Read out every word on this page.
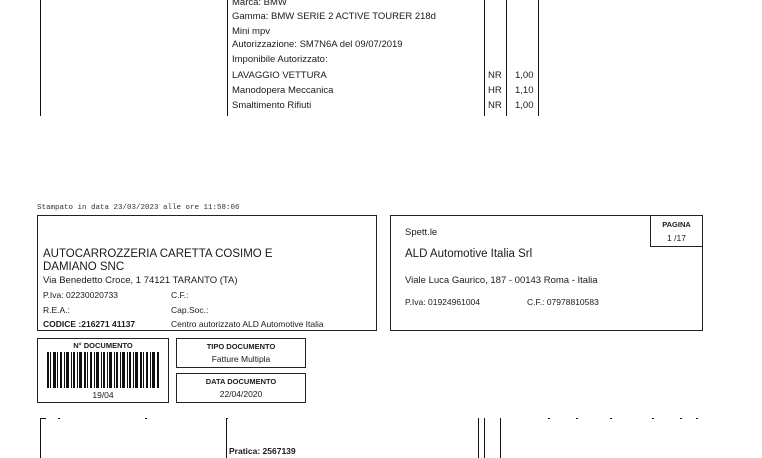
Marca: BMW
Gamma: BMW SERIE 2 ACTIVE TOURER 218d
Mini mpv
Autorizzazione: SM7N6A del 09/07/2019
Imponibile Autorizzato:
LAVAGGIO VETTURA	NR 1,00
Manodopera Meccanica	HR 1,10
Smaltimento Rifiuti	NR 1,00
Stampato in data 23/03/2023 alle ore 11:58:06
AUTOCARROZZERIA CARETTA COSIMO E
DAMIANO SNC
Via Benedetto Croce, 1 74121 TARANTO (TA)
P.Iva: 02230020733	C.F.:
R.E.A.:	Cap.Soc.:
CODICE :216271 41137	Centro autorizzato ALD Automotive Italia
Spett.le
ALD Automotive Italia Srl
Viale Luca Gaurico, 187 - 00143 Roma - Italia
P.Iva: 01924961004	C.F.: 07978810583
PAGINA
1 /17
N° DOCUMENTO
19/04
TIPO DOCUMENTO
Fatture Multipla
DATA DOCUMENTO
22/04/2020
Pratica: 2567139
